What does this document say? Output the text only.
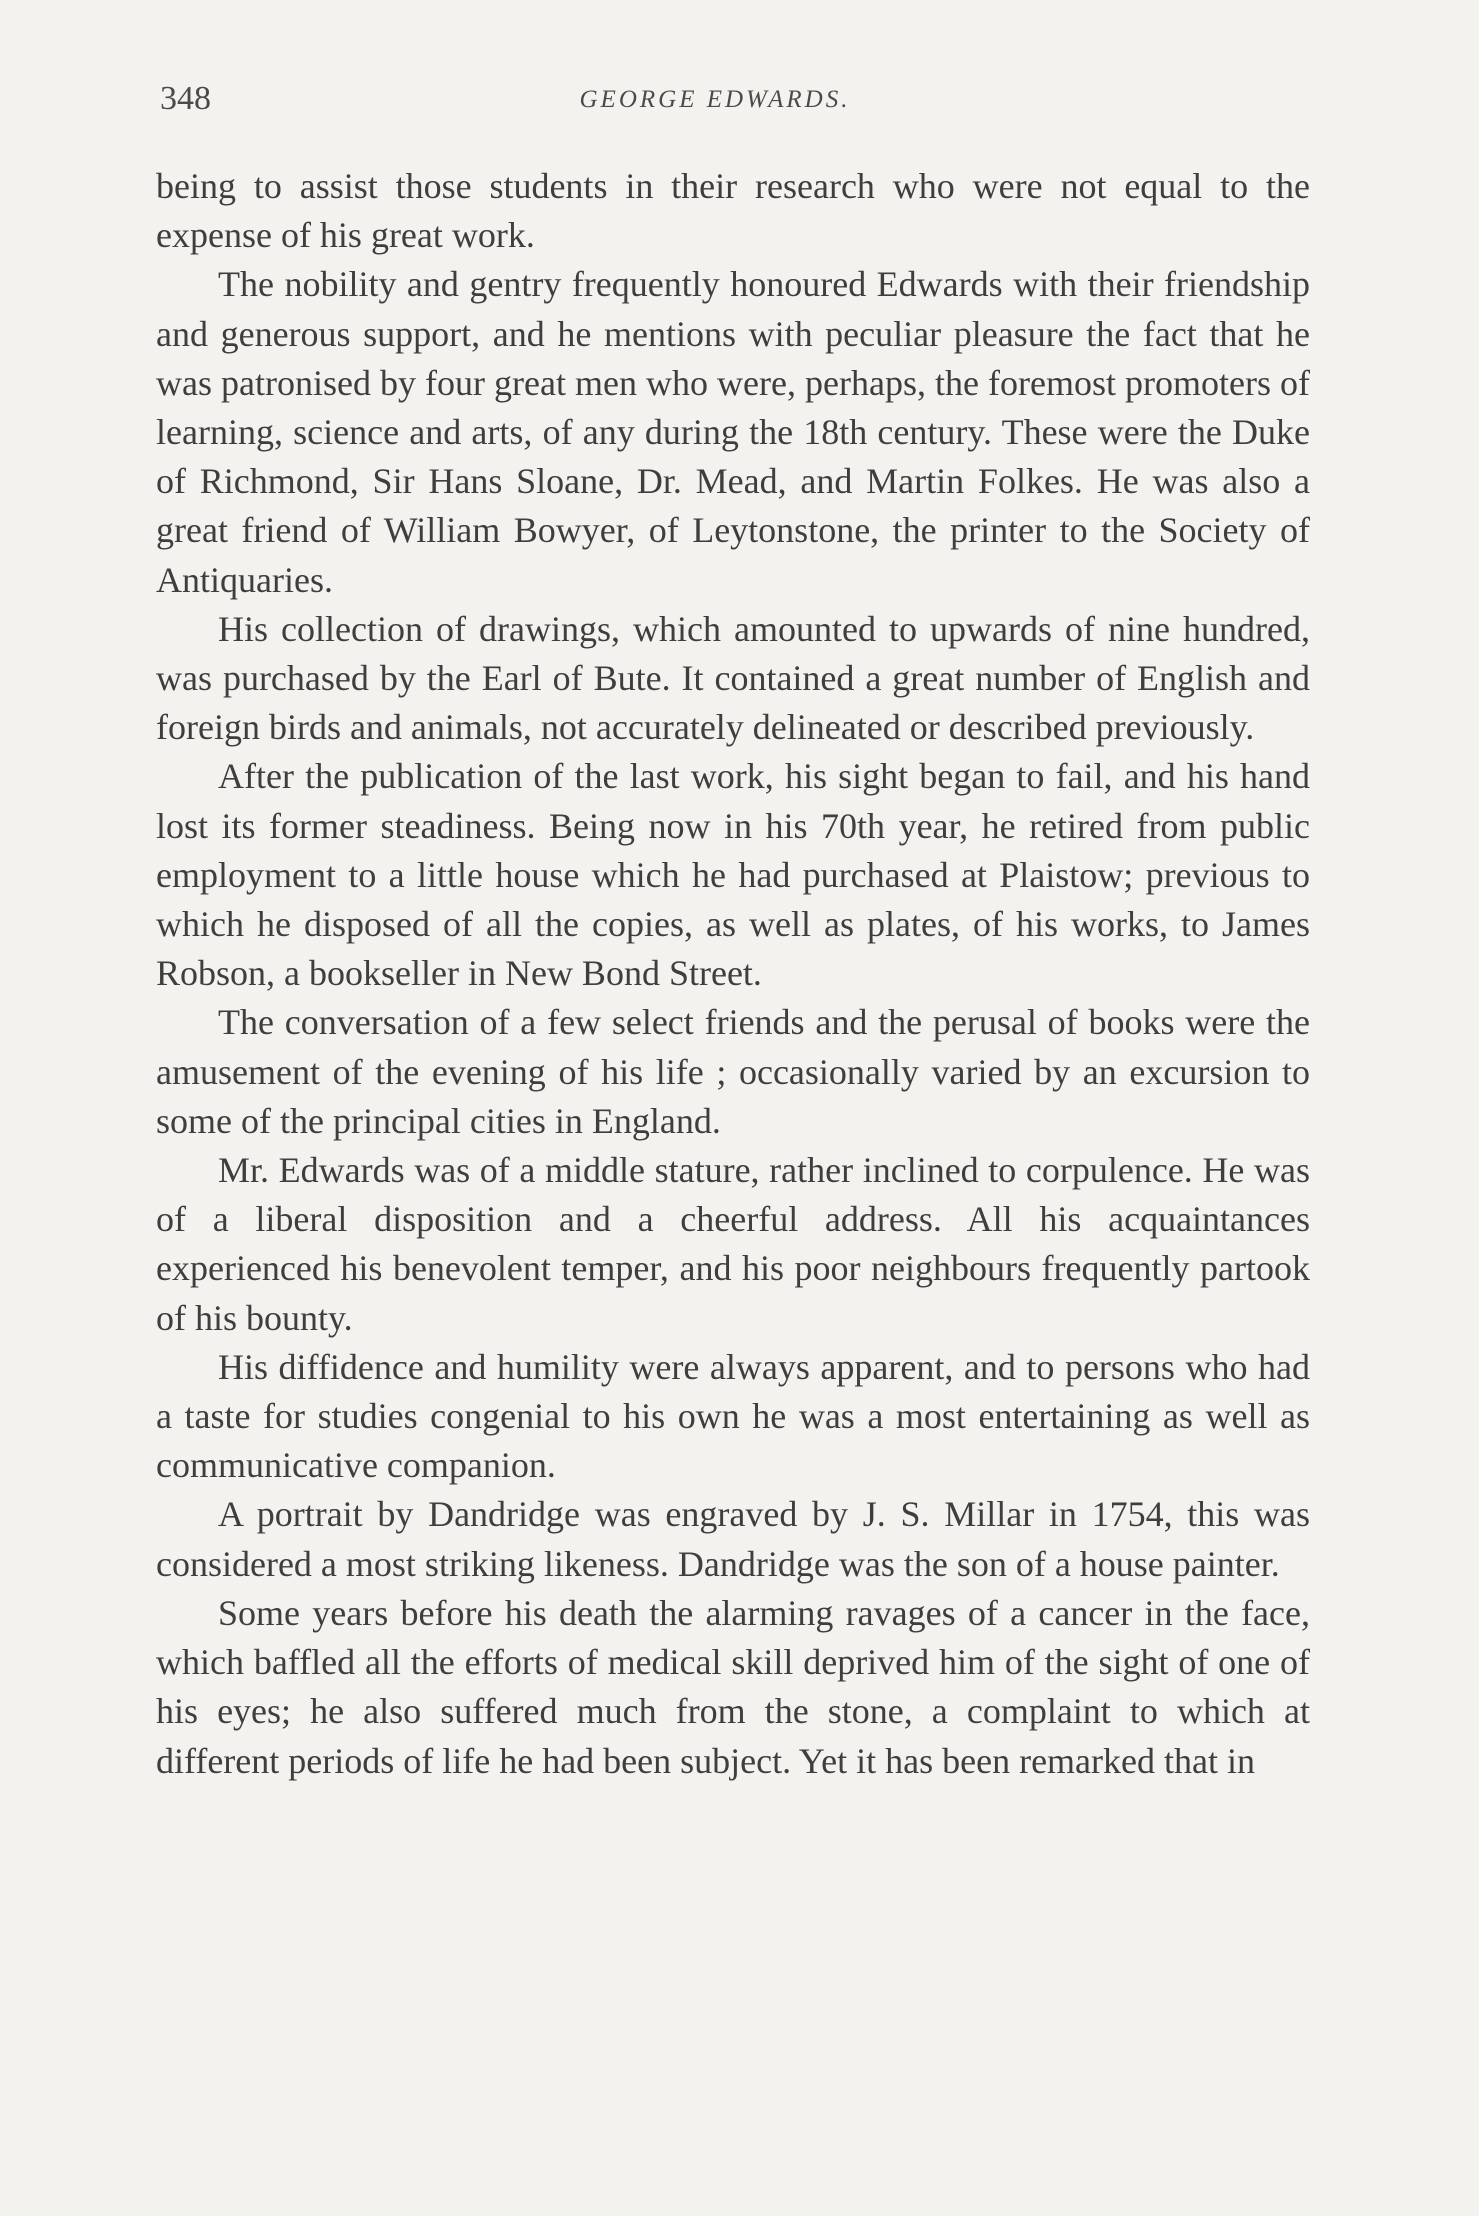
348	GEORGE EDWARDS.

being to assist those students in their research who were not equal to the expense of his great work.

The nobility and gentry frequently honoured Edwards with their friendship and generous support, and he mentions with peculiar pleasure the fact that he was patronised by four great men who were, perhaps, the foremost promoters of learning, science and arts, of any during the 18th century. These were the Duke of Richmond, Sir Hans Sloane, Dr. Mead, and Martin Folkes. He was also a great friend of William Bowyer, of Leytonstone, the printer to the Society of Antiquaries.

His collection of drawings, which amounted to upwards of nine hundred, was purchased by the Earl of Bute. It contained a great number of English and foreign birds and animals, not accurately delineated or described previously.

After the publication of the last work, his sight began to fail, and his hand lost its former steadiness. Being now in his 70th year, he retired from public employment to a little house which he had purchased at Plaistow; previous to which he disposed of all the copies, as well as plates, of his works, to James Robson, a bookseller in New Bond Street.

The conversation of a few select friends and the perusal of books were the amusement of the evening of his life ; occasionally varied by an excursion to some of the principal cities in England.

Mr. Edwards was of a middle stature, rather inclined to corpulence. He was of a liberal disposition and a cheerful address. All his acquaintances experienced his benevolent temper, and his poor neighbours frequently partook of his bounty.

His diffidence and humility were always apparent, and to persons who had a taste for studies congenial to his own he was a most entertaining as well as communicative companion.

A portrait by Dandridge was engraved by J. S. Millar in 1754, this was considered a most striking likeness. Dandridge was the son of a house painter.

Some years before his death the alarming ravages of a cancer in the face, which baffled all the efforts of medical skill deprived him of the sight of one of his eyes; he also suffered much from the stone, a complaint to which at different periods of life he had been subject. Yet it has been remarked that in
